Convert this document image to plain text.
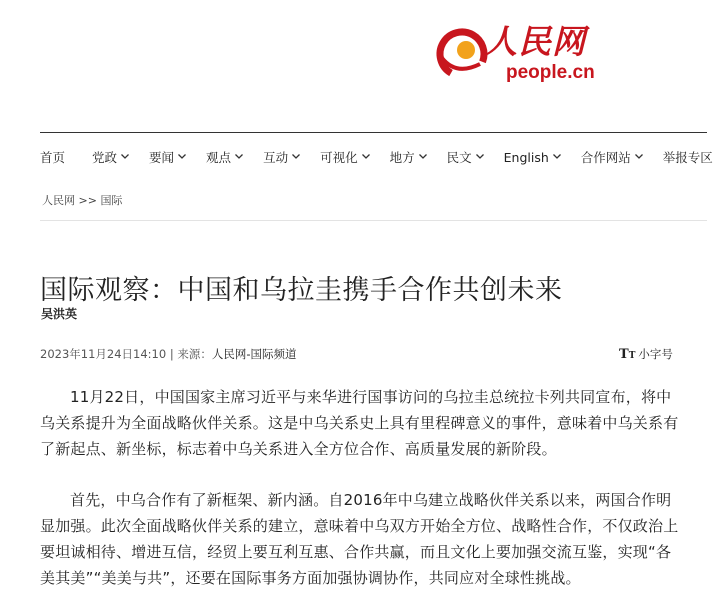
人民网
people.cn
首页 党政	要闻	观点	互动	可视化	地方	民文	English	合作网站	举报专区
人民网 >> 国际
国际观察：中国和乌拉圭携手合作共创未来
吴洪英
2023年11月24日14:10 | 来源：人民网-国际频道	TT 小字号

11月22日，中国国家主席习近平与来华进行国事访问的乌拉圭总统拉卡列共同宣布，将中乌关系提升为全面战略伙伴关系。这是中乌关系史上具有里程碑意义的事件，意味着中乌关系有了新起点、新坐标，标志着中乌关系进入全方位合作、高质量发展的新阶段。

首先，中乌合作有了新框架、新内涵。自2016年中乌建立战略伙伴关系以来，两国合作明显加强。此次全面战略伙伴关系的建立，意味着中乌双方开始全方位、战略性合作，不仅政治上要坦诚相待、增进互信，经贸上要互利互惠、合作共赢，而且文化上要加强交流互鉴，实现“各美其美”“美美与共”，还要在国际事务方面加强协调协作，共同应对全球性挑战。
